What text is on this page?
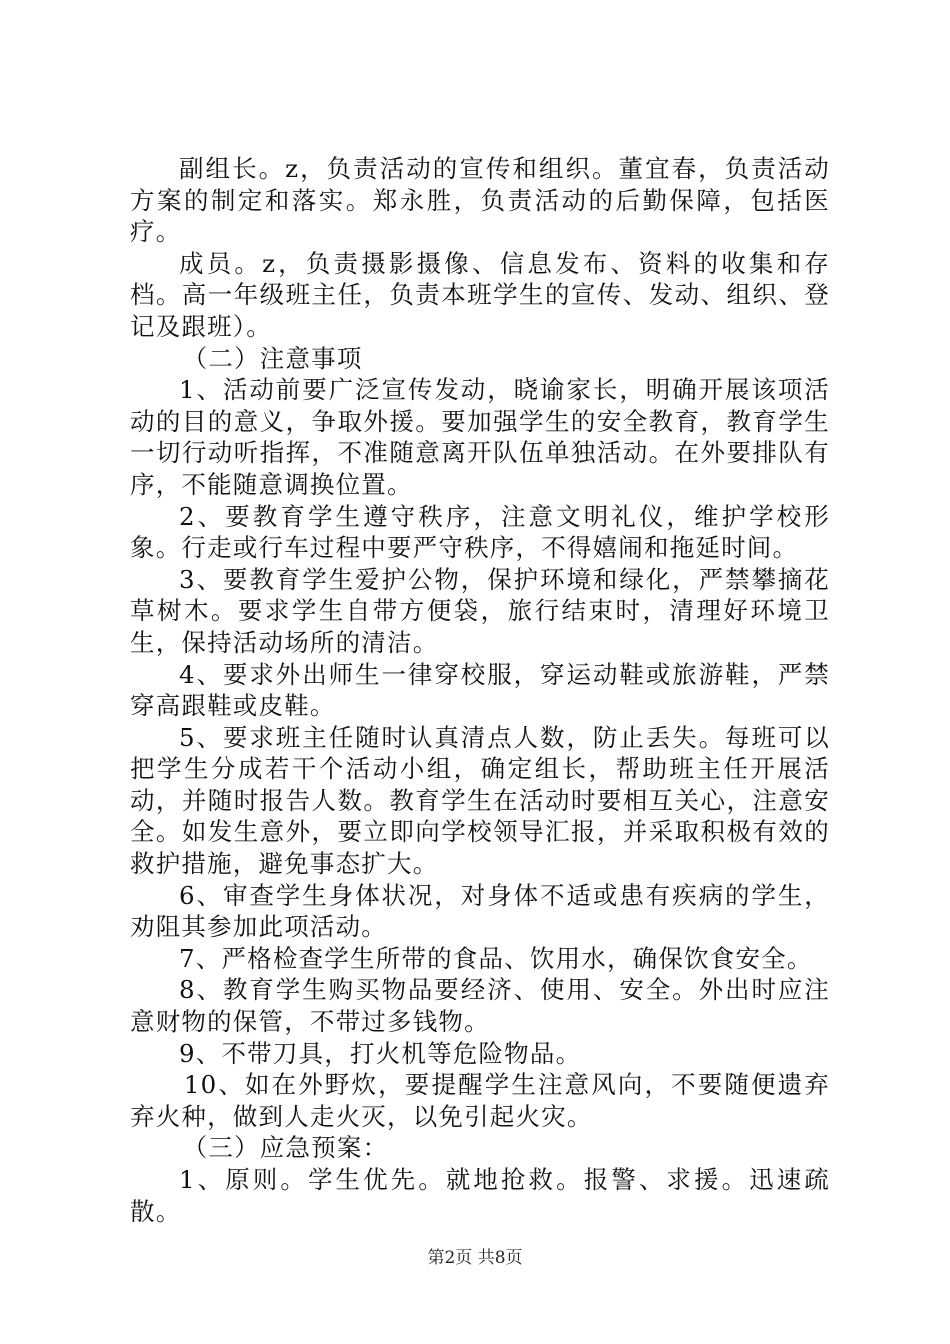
副组长。z，负责活动的宣传和组织。董宜春，负责活动方案的制定和落实。郑永胜，负责活动的后勤保障，包括医疗。

成员。z，负责摄影摄像、信息发布、资料的收集和存档。高一年级班主任，负责本班学生的宣传、发动、组织、登记及跟班）。

（二）注意事项

1、活动前要广泛宣传发动，晓谕家长，明确开展该项活动的目的意义，争取外援。要加强学生的安全教育，教育学生一切行动听指挥，不准随意离开队伍单独活动。在外要排队有序，不能随意调换位置。

2、要教育学生遵守秩序，注意文明礼仪，维护学校形象。行走或行车过程中要严守秩序，不得嬉闹和拖延时间。

3、要教育学生爱护公物，保护环境和绿化，严禁攀摘花草树木。要求学生自带方便袋，旅行结束时，清理好环境卫生，保持活动场所的清洁。

4、要求外出师生一律穿校服，穿运动鞋或旅游鞋，严禁穿高跟鞋或皮鞋。

5、要求班主任随时认真清点人数，防止丢失。每班可以把学生分成若干个活动小组，确定组长，帮助班主任开展活动，并随时报告人数。教育学生在活动时要相互关心，注意安全。如发生意外，要立即向学校领导汇报，并采取积极有效的救护措施，避免事态扩大。

6、审查学生身体状况，对身体不适或患有疾病的学生，劝阻其参加此项活动。

7、严格检查学生所带的食品、饮用水，确保饮食安全。

8、教育学生购买物品要经济、使用、安全。外出时应注意财物的保管，不带过多钱物。

9、不带刀具，打火机等危险物品。

10、如在外野炊，要提醒学生注意风向，不要随便遗弃弃火种，做到人走火灭，以免引起火灾。

（三）应急预案：

1、原则。学生优先。就地抢救。报警、求援。迅速疏散。

第2页 共8页
